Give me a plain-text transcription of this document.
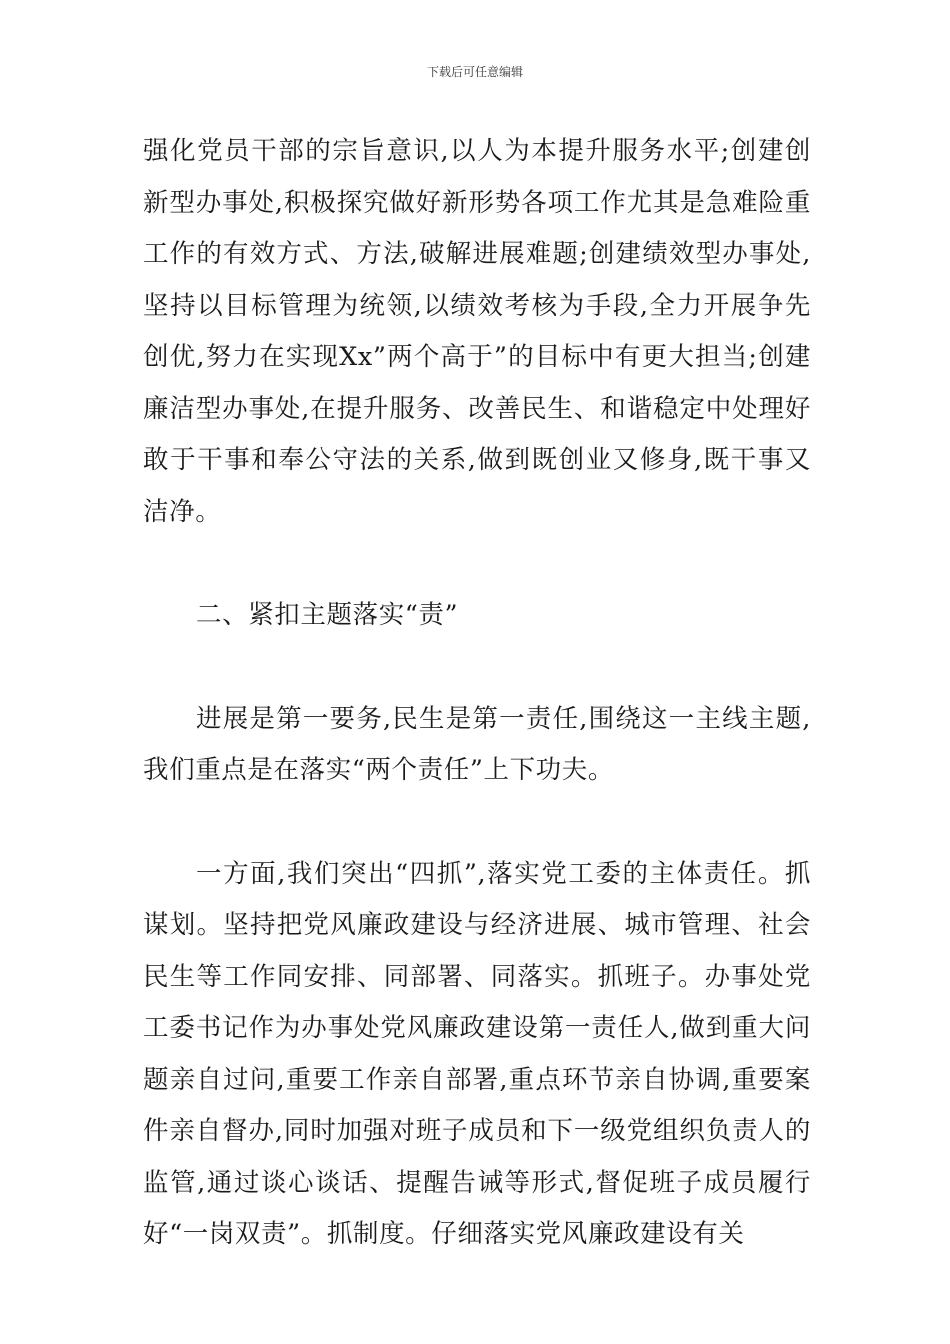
下载后可任意编辑

强化党员干部的宗旨意识,以人为本提升服务水平;创建创新型办事处,积极探究做好新形势各项工作尤其是急难险重工作的有效方式、方法,破解进展难题;创建绩效型办事处,坚持以目标管理为统领,以绩效考核为手段,全力开展争先创优,努力在实现Xx”两个高于”的目标中有更大担当;创建廉洁型办事处,在提升服务、改善民生、和谐稳定中处理好敢于干事和奉公守法的关系,做到既创业又修身,既干事又洁净。

二、紧扣主题落实“责”

进展是第一要务,民生是第一责任,围绕这一主线主题,我们重点是在落实“两个责任”上下功夫。

一方面,我们突出“四抓”,落实党工委的主体责任。抓谋划。坚持把党风廉政建设与经济进展、城市管理、社会民生等工作同安排、同部署、同落实。抓班子。办事处党工委书记作为办事处党风廉政建设第一责任人,做到重大问题亲自过问,重要工作亲自部署,重点环节亲自协调,重要案件亲自督办,同时加强对班子成员和下一级党组织负责人的监管,通过谈心谈话、提醒告诫等形式,督促班子成员履行好“一岗双责”。抓制度。仔细落实党风廉政建设有关
